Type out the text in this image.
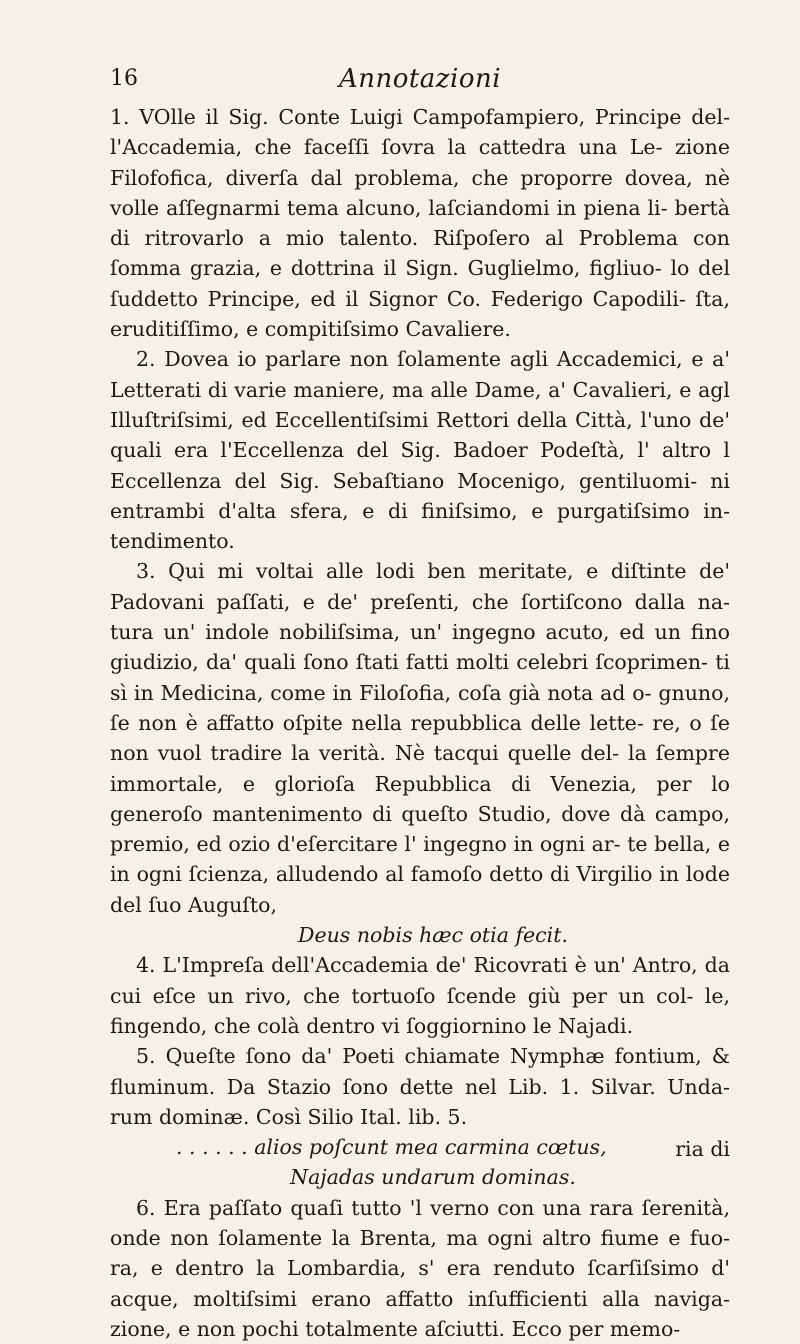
16	Annotazioni

1. VOlle il Sig. Conte Luigi Campofampiero, Principe del- l'Accademia, che faceſſi ſovra la cattedra una Le- zione Filofofica, diverſa dal problema, che proporre dovea, nè volle aſſegnarmi tema alcuno, laſciandomi in piena li- bertà di ritrovarlo a mio talento. Riſpoſero al Problema con ſomma grazia, e dottrina il Sign. Guglielmo, figliuo- lo del ſuddetto Principe, ed il Signor Co. Federigo Capodili- ſta, eruditiſſimo, e compitiſsimo Cavaliere.

2. Dovea io parlare non ſolamente agli Accademici, e a' Letterati di varie maniere, ma alle Dame, a' Cavalieri, e agl Illuſtriſsimi, ed Eccellentiſsimi Rettori della Città, l'uno de' quali era l'Eccellenza del Sig. Badoer Podeſtà, l' altro l Eccellenza del Sig. Sebaſtiano Mocenigo, gentiluomi- ni entrambi d'alta sfera, e di finiſsimo, e purgatiſsimo in- tendimento.

3. Qui mi voltai alle lodi ben meritate, e diſtinte de' Padovani paſſati, e de' preſenti, che ſortiſcono dalla na- tura un' indole nobiliſsima, un' ingegno acuto, ed un fino giudizio, da' quali ſono ſtati fatti molti celebri ſcoprimen- ti sì in Medicina, come in Filoſofia, coſa già nota ad o- gnuno, ſe non è affatto oſpite nella repubblica delle lette- re, o ſe non vuol tradire la verità. Nè tacqui quelle del- la ſempre immortale, e glorioſa Repubblica di Venezia, per lo generoſo mantenimento di queſto Studio, dove dà campo, premio, ed ozio d'eſercitare l' ingegno in ogni ar- te bella, e in ogni ſcienza, alludendo al famoſo detto di Virgilio in lode del ſuo Auguſto,

Deus nobis hæc otia fecit.

4. L'Impreſa dell'Accademia de' Ricovrati è un' Antro, da cui eſce un rivo, che tortuoſo ſcende giù per un col- le, fingendo, che colà dentro vi ſoggiornino le Najadi.

5. Queſte ſono da' Poeti chiamate Nymphæ fontium, & fluminum. Da Stazio ſono dette nel Lib. 1. Silvar. Unda- rum dominæ. Così Silio Ital. lib. 5.

. . . . . . alios poſcunt mea carmina cœtus,

Najadas undarum dominas.

6. Era paſſato quaſi tutto 'l verno con una rara ſerenità, onde non ſolamente la Brenta, ma ogni altro fiume e fuo- ra, e dentro la Lombardia, s' era renduto ſcarſiſsimo d' acque, moltiſsimi erano affatto inſufficienti alla naviga- zione, e non pochi totalmente aſciutti. Ecco per memo-

ria di
